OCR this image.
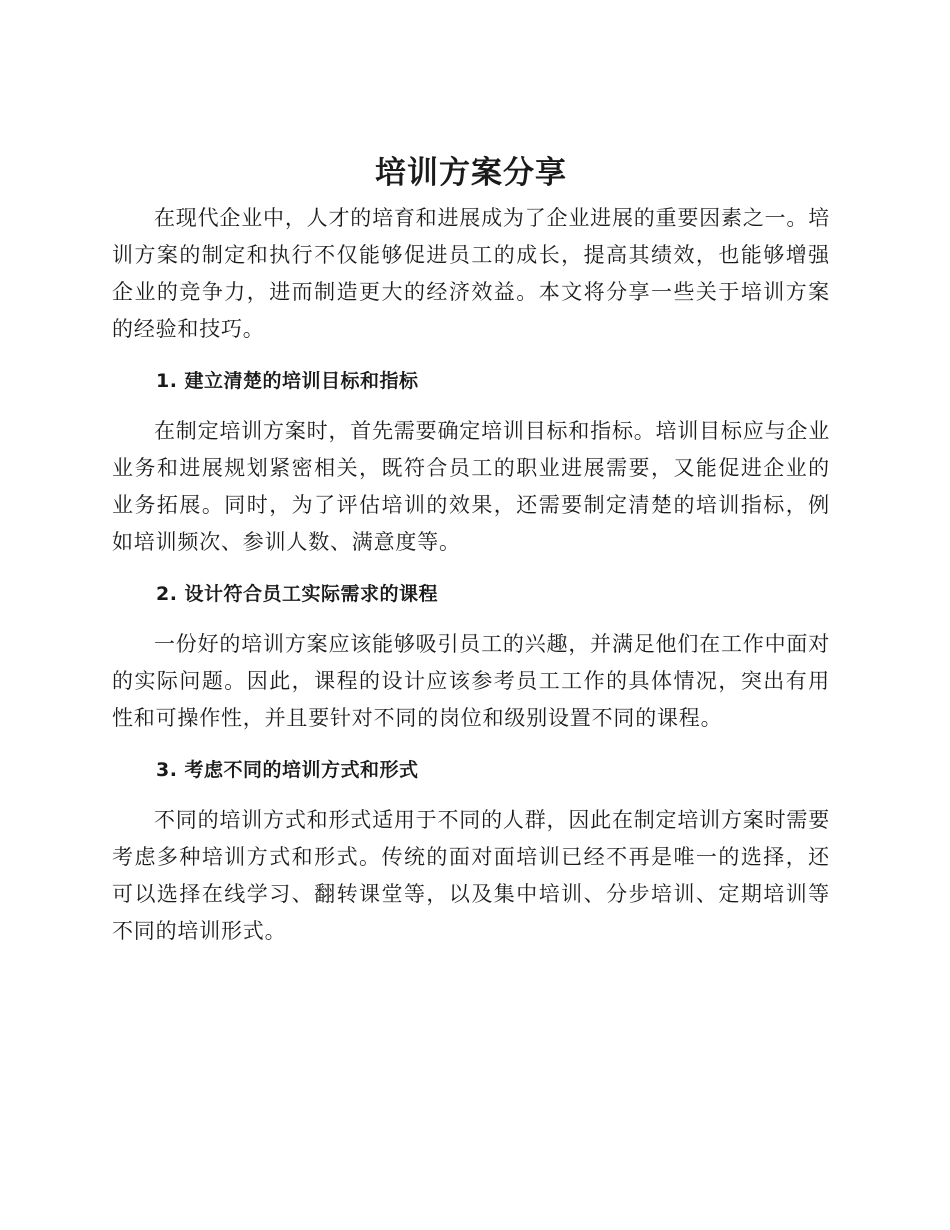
培训方案分享

在现代企业中，人才的培育和进展成为了企业进展的重要因素之一。培训方案的制定和执行不仅能够促进员工的成长，提高其绩效，也能够增强企业的竞争力，进而制造更大的经济效益。本文将分享一些关于培训方案的经验和技巧。

1. 建立清楚的培训目标和指标

在制定培训方案时，首先需要确定培训目标和指标。培训目标应与企业业务和进展规划紧密相关，既符合员工的职业进展需要，又能促进企业的业务拓展。同时，为了评估培训的效果，还需要制定清楚的培训指标，例如培训频次、参训人数、满意度等。

2. 设计符合员工实际需求的课程

一份好的培训方案应该能够吸引员工的兴趣，并满足他们在工作中面对的实际问题。因此，课程的设计应该参考员工工作的具体情况，突出有用性和可操作性，并且要针对不同的岗位和级别设置不同的课程。

3. 考虑不同的培训方式和形式

不同的培训方式和形式适用于不同的人群，因此在制定培训方案时需要考虑多种培训方式和形式。传统的面对面培训已经不再是唯一的选择，还可以选择在线学习、翻转课堂等，以及集中培训、分步培训、定期培训等不同的培训形式。
